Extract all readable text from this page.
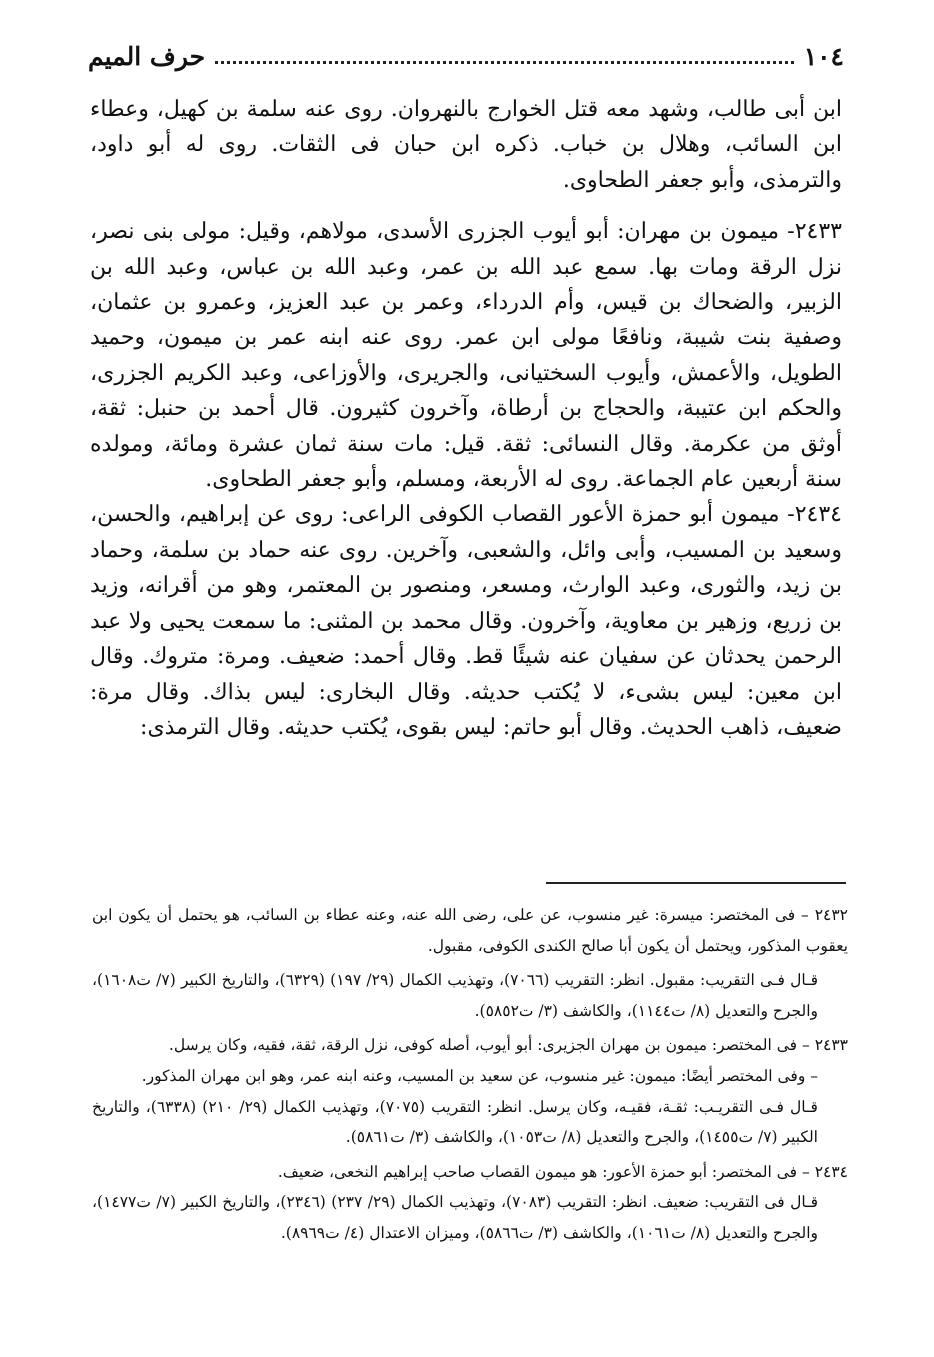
١٠٤
حرف الميم

ابن أبى طالب، وشهد معه قتل الخوارج بالنهروان. روى عنه سلمة بن كهيل، وعطاء ابن السائب، وهلال بن خباب. ذكره ابن حبان فى الثقات. روى له أبو داود، والترمذى، وأبو جعفر الطحاوى.

٢٤٣٣- ميمون بن مهران: أبو أيوب الجزرى الأسدى، مولاهم، وقيل: مولى بنى نصر، نزل الرقة ومات بها. سمع عبد الله بن عمر، وعبد الله بن عباس، وعبد الله بن الزبير، والضحاك بن قيس، وأم الدرداء، وعمر بن عبد العزيز، وعمرو بن عثمان، وصفية بنت شيبة، ونافعًا مولى ابن عمر. روى عنه ابنه عمر بن ميمون، وحميد الطويل، والأعمش، وأيوب السختيانى، والجريرى، والأوزاعى، وعبد الكريم الجزرى، والحكم ابن عتيبة، والحجاج بن أرطاة، وآخرون كثيرون. قال أحمد بن حنبل: ثقة، أوثق من عكرمة. وقال النسائى: ثقة. قيل: مات سنة ثمان عشرة ومائة، ومولده سنة أربعين عام الجماعة. روى له الأربعة، ومسلم، وأبو جعفر الطحاوى.

٢٤٣٤- ميمون أبو حمزة الأعور القصاب الكوفى الراعى: روى عن إبراهيم، والحسن، وسعيد بن المسيب، وأبى وائل، والشعبى، وآخرين. روى عنه حماد بن سلمة، وحماد بن زيد، والثورى، وعبد الوارث، ومسعر، ومنصور بن المعتمر، وهو من أقرانه، وزيد بن زريع، وزهير بن معاوية، وآخرون. وقال محمد بن المثنى: ما سمعت يحيى ولا عبد الرحمن يحدثان عن سفيان عنه شيئًا قط. وقال أحمد: ضعيف. ومرة: متروك. وقال ابن معين: ليس بشىء، لا يُكتب حديثه. وقال البخارى: ليس بذاك. وقال مرة: ضعيف، ذاهب الحديث. وقال أبو حاتم: ليس بقوى، يُكتب حديثه. وقال الترمذى:

٢٤٣٢ – فى المختصر: ميسرة: غير منسوب، عن على، رضى الله عنه، وعنه عطاء بن السائب، هو يحتمل أن يكون ابن يعقوب المذكور، ويحتمل أن يكون أبا صالح الكندى الكوفى، مقبول.

قـال فـى التقريب: مقبول. انظر: التقريب (٧٠٦٦)، وتهذيب الكمال (٢٩/ ١٩٧) (٦٣٢٩)، والتاريخ الكبير (٧/ ت١٦٠٨)، والجرح والتعديل (٨/ ت١١٤٤)، والكاشف (٣/ ت٥٨٥٢).

٢٤٣٣ – فى المختصر: ميمون بن مهران الجزيرى: أبو أيوب، أصله كوفى، نزل الرقة، ثقة، فقيه، وكان يرسل.

– وفى المختصر أيضًا: ميمون: غير منسوب، عن سعيد بن المسيب، وعنه ابنه عمر، وهو ابن مهران المذكور.

قـال فـى التقريـب: ثقـة، فقيـه، وكان يرسل. انظر: التقريب (٧٠٧٥)، وتهذيب الكمال (٢٩/ ٢١٠) (٦٣٣٨)، والتاريخ الكبير (٧/ ت١٤٥٥)، والجرح والتعديل (٨/ ت١٠٥٣)، والكاشف (٣/ ت٥٨٦١).

٢٤٣٤ – فى المختصر: أبو حمزة الأعور: هو ميمون القصاب صاحب إبراهيم النخعى، ضعيف.

قـال فى التقريب: ضعيف. انظر: التقريب (٧٠٨٣)، وتهذيب الكمال (٢٩/ ٢٣٧) (٢٣٤٦)، والتاريخ الكبير (٧/ ت١٤٧٧)، والجرح والتعديل (٨/ ت١٠٦١)، والكاشف (٣/ ت٥٨٦٦)، وميزان الاعتدال (٤/ ت٨٩٦٩).
